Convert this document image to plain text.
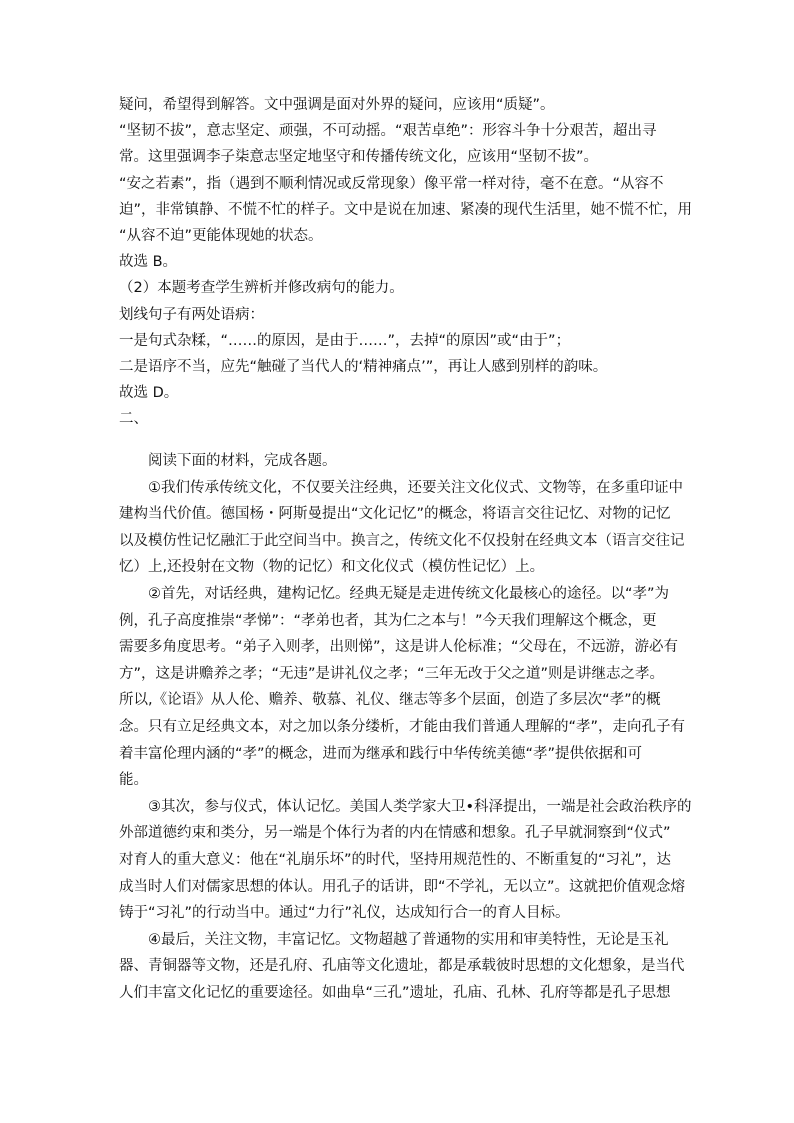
疑问，希望得到解答。文中强调是面对外界的疑问，应该用“质疑”。
“坚韧不拔”，意志坚定、顽强，不可动摇。“艰苦卓绝”：形容斗争十分艰苦，超出寻
常。这里强调李子柒意志坚定地坚守和传播传统文化，应该用“坚韧不拔”。
“安之若素”，指（遇到不顺利情况或反常现象）像平常一样对待，毫不在意。“从容不
迫”，非常镇静、不慌不忙的样子。文中是说在加速、紧凑的现代生活里，她不慌不忙，用
“从容不迫”更能体现她的状态。
故选 B。
（2）本题考查学生辨析并修改病句的能力。
划线句子有两处语病：
一是句式杂糅，“……的原因，是由于……”，去掉“的原因”或“由于”；
二是语序不当，应先“触碰了当代人的‘精神痛点’”，再让人感到别样的韵味。
故选 D。
二、
　　阅读下面的材料，完成各题。
　　①我们传承传统文化，不仅要关注经典，还要关注文化仪式、文物等，在多重印证中
建构当代价值。德国杨・阿斯曼提出“文化记忆”的概念，将语言交往记忆、对物的记忆
以及模仿性记忆融汇于此空间当中。换言之，传统文化不仅投射在经典文本（语言交往记
忆）上,还投射在文物（物的记忆）和文化仪式（模仿性记忆）上。
　　②首先，对话经典，建构记忆。经典无疑是走进传统文化最核心的途径。以“孝”为
例，孔子高度推崇“孝悌”：“孝弟也者，其为仁之本与！”今天我们理解这个概念，更
需要多角度思考。“弟子入则孝，出则悌”，这是讲人伦标准；“父母在，不远游，游必有
方”，这是讲赡养之孝；“无违”是讲礼仪之孝；“三年无改于父之道”则是讲继志之孝。
所以,《论语》从人伦、赡养、敬慕、礼仪、继志等多个层面，创造了多层次“孝”的概
念。只有立足经典文本，对之加以条分缕析，才能由我们普通人理解的“孝”，走向孔子有
着丰富伦理内涵的“孝”的概念，进而为继承和践行中华传统美德“孝”提供依据和可
能。
　　③其次，参与仪式，体认记忆。美国人类学家大卫•科泽提出，一端是社会政治秩序的
外部道德约束和类分，另一端是个体行为者的内在情感和想象。孔子早就洞察到“仪式”
对育人的重大意义：他在“礼崩乐坏”的时代，坚持用规范性的、不断重复的“习礼”，达
成当时人们对儒家思想的体认。用孔子的话讲，即“不学礼，无以立”。这就把价值观念熔
铸于“习礼”的行动当中。通过“力行”礼仪，达成知行合一的育人目标。
　　④最后，关注文物，丰富记忆。文物超越了普通物的实用和审美特性，无论是玉礼
器、青铜器等文物，还是孔府、孔庙等文化遗址，都是承载彼时思想的文化想象，是当代
人们丰富文化记忆的重要途径。如曲阜“三孔”遗址，孔庙、孔林、孔府等都是孔子思想
